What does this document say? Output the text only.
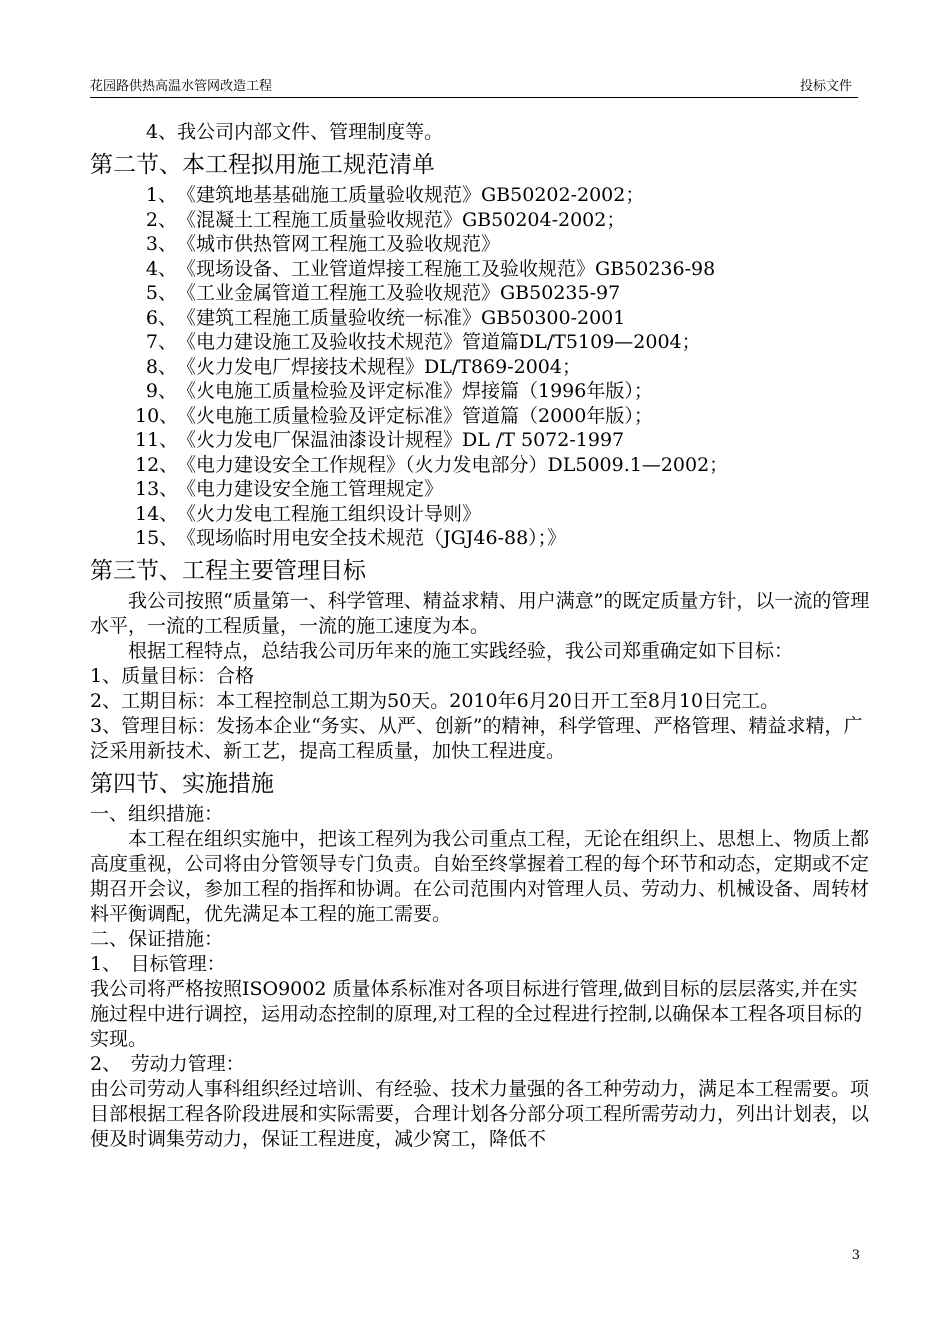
花园路供热高温水管网改造工程	投标文件
4、我公司内部文件、管理制度等。
第二节、本工程拟用施工规范清单
1、《建筑地基基础施工质量验收规范》GB50202-2002；
2、《混凝土工程施工质量验收规范》GB50204-2002；
3、《城市供热管网工程施工及验收规范》
4、《现场设备、工业管道焊接工程施工及验收规范》GB50236-98
5、《工业金属管道工程施工及验收规范》GB50235-97
6、《建筑工程施工质量验收统一标准》GB50300-2001
7、《电力建设施工及验收技术规范》管道篇DL/T5109—2004；
8、《火力发电厂焊接技术规程》DL/T869-2004；
9、《火电施工质量检验及评定标准》焊接篇（1996年版）；
10、《火电施工质量检验及评定标准》管道篇（2000年版）；
11、《火力发电厂保温油漆设计规程》DL /T 5072-1997
12、《电力建设安全工作规程》（火力发电部分）DL5009.1—2002；
13、《电力建设安全施工管理规定》
14、《火力发电工程施工组织设计导则》
15、《现场临时用电安全技术规范（JGJ46-88）；》
第三节、工程主要管理目标
我公司按照“质量第一、科学管理、精益求精、用户满意”的既定质量方针，以一流的管理水平，一流的工程质量，一流的施工速度为本。
根据工程特点，总结我公司历年来的施工实践经验，我公司郑重确定如下目标：
1、质量目标：合格
2、工期目标：本工程控制总工期为50天。2010年6月20日开工至8月10日完工。
3、管理目标：发扬本企业“务实、从严、创新”的精神，科学管理、严格管理、精益求精，广泛采用新技术、新工艺，提高工程质量，加快工程进度。
第四节、实施措施
一、组织措施：
本工程在组织实施中，把该工程列为我公司重点工程，无论在组织上、思想上、物质上都高度重视，公司将由分管领导专门负责。自始至终掌握着工程的每个环节和动态，定期或不定期召开会议，参加工程的指挥和协调。在公司范围内对管理人员、劳动力、机械设备、周转材料平衡调配，优先满足本工程的施工需要。
二、保证措施：
1、　目标管理：
我公司将严格按照ISO9002 质量体系标准对各项目标进行管理,做到目标的层层落实,并在实施过程中进行调控，运用动态控制的原理,对工程的全过程进行控制,以确保本工程各项目标的实现。
2、　劳动力管理：
由公司劳动人事科组织经过培训、有经验、技术力量强的各工种劳动力，满足本工程需要。项目部根据工程各阶段进展和实际需要，合理计划各分部分项工程所需劳动力，列出计划表，以便及时调集劳动力，保证工程进度，减少窝工，降低不
3
